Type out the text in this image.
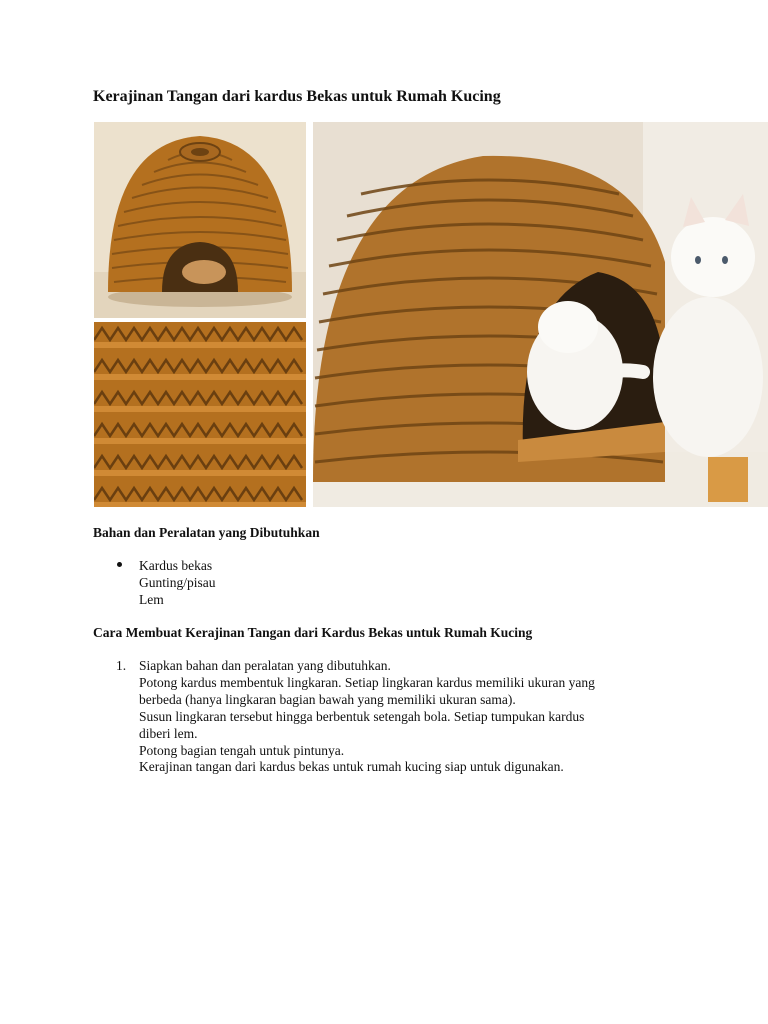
Kerajinan Tangan dari kardus Bekas untuk Rumah Kucing
Bahan dan Peralatan yang Dibutuhkan
Kardus bekas
Gunting/pisau
Lem
Cara Membuat Kerajinan Tangan dari Kardus Bekas untuk Rumah Kucing
1. Siapkan bahan dan peralatan yang dibutuhkan.
Potong kardus membentuk lingkaran. Setiap lingkaran kardus memiliki ukuran yang
berbeda (hanya lingkaran bagian bawah yang memiliki ukuran sama).
Susun lingkaran tersebut hingga berbentuk setengah bola. Setiap tumpukan kardus
diberi lem.
Potong bagian tengah untuk pintunya.
Kerajinan tangan dari kardus bekas untuk rumah kucing siap untuk digunakan.
